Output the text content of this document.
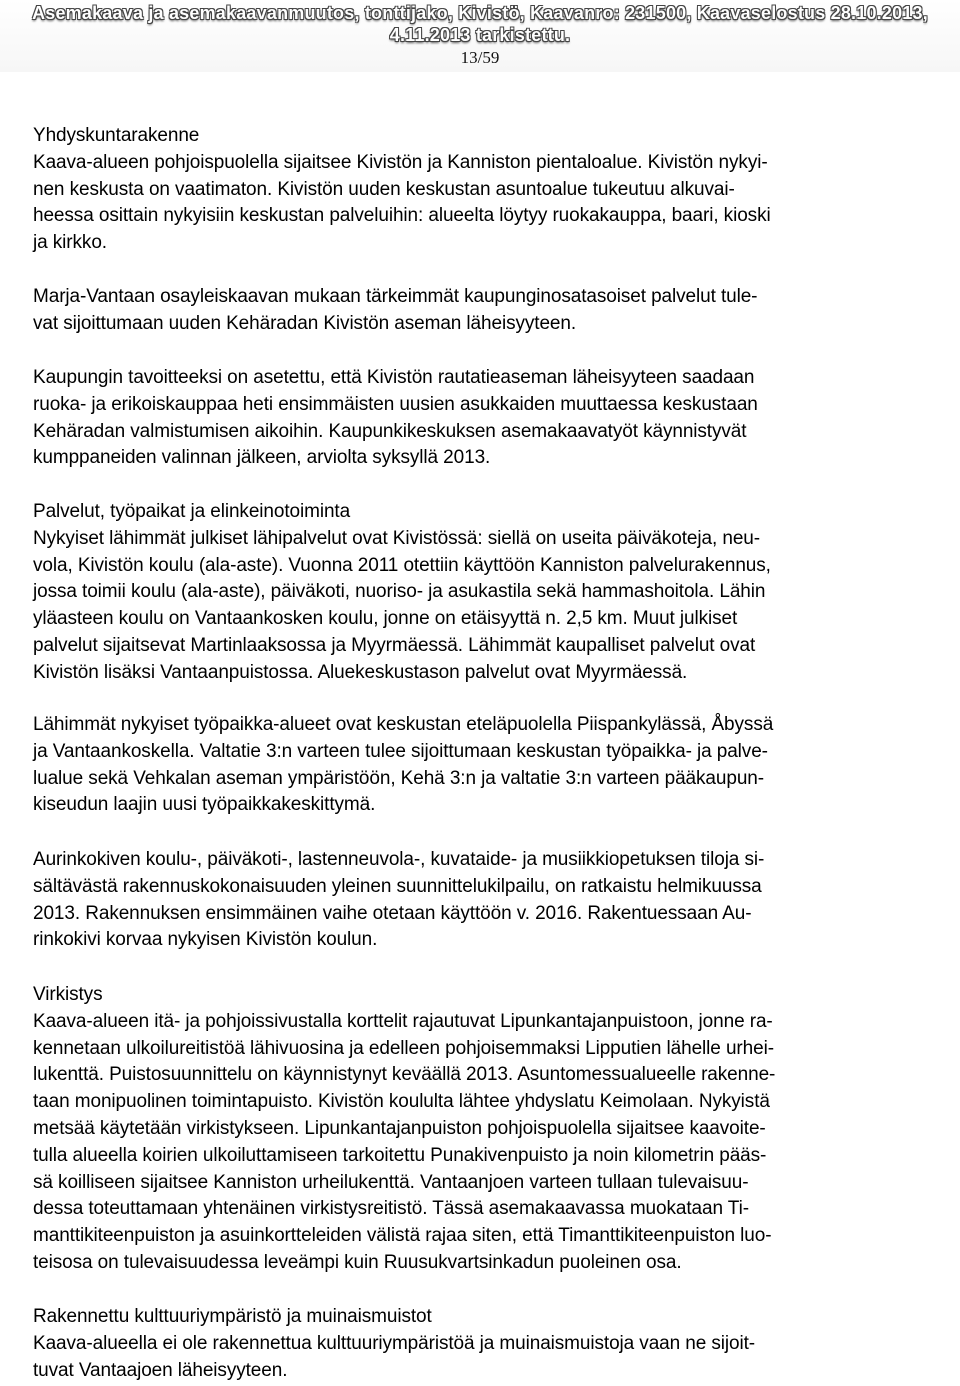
Asemakaava ja asemakaavanmuutos, tonttijako, Kivistö, Kaavanro: 231500, Kaavaselostus 28.10.2013,
4.11.2013 tarkistettu.
13/59
Yhdyskuntarakenne
Kaava-alueen pohjoispuolella sijaitsee Kivistön ja Kanniston pientaloalue. Kivistön nykyi-
nen keskusta on vaatimaton. Kivistön uuden keskustan asuntoalue tukeutuu alkuvai-
heessa osittain nykyisiin keskustan palveluihin: alueelta löytyy ruokakauppa, baari, kioski
ja kirkko.
Marja-Vantaan osayleiskaavan mukaan tärkeimmät kaupunginosatasoiset palvelut tule-
vat sijoittumaan uuden Kehäradan Kivistön aseman läheisyyteen.
Kaupungin tavoitteeksi on asetettu, että Kivistön rautatieaseman läheisyyteen saadaan
ruoka- ja erikoiskauppaa heti ensimmäisten uusien asukkaiden muuttaessa keskustaan
Kehäradan valmistumisen aikoihin. Kaupunkikeskuksen asemakaavatyöt käynnistyvät
kumppaneiden valinnan jälkeen, arviolta syksyllä 2013.
Palvelut, työpaikat ja elinkeinotoiminta
Nykyiset lähimmät julkiset lähipalvelut ovat Kivistössä: siellä on useita päiväkoteja, neu-
vola, Kivistön koulu (ala-aste). Vuonna 2011 otettiin käyttöön Kanniston palvelurakennus,
jossa toimii koulu (ala-aste), päiväkoti, nuoriso- ja asukastila sekä hammashoitola. Lähin
yläasteen koulu on Vantaankosken koulu, jonne on etäisyyttä n. 2,5 km. Muut julkiset
palvelut sijaitsevat Martinlaaksossa ja Myyrmäessä. Lähimmät kaupalliset palvelut ovat
Kivistön lisäksi Vantaanpuistossa. Aluekeskustason palvelut ovat Myyrmäessä.
Lähimmät nykyiset työpaikka-alueet ovat keskustan eteläpuolella Piispankylässä, Åbyssä
ja Vantaankoskella. Valtatie 3:n varteen tulee sijoittumaan keskustan työpaikka- ja palve-
lualue sekä Vehkalan aseman ympäristöön, Kehä 3:n ja valtatie 3:n varteen pääkaupun-
kiseudun laajin uusi työpaikkakeskittymä.
Aurinkokiven koulu-, päiväkoti-, lastenneuvola-, kuvataide- ja musiikkiopetuksen tiloja si-
sältävästä rakennuskokonaisuuden yleinen suunnittelukilpailu, on ratkaistu helmikuussa
2013. Rakennuksen ensimmäinen vaihe otetaan käyttöön v. 2016. Rakentuessaan Au-
rinkokivi korvaa nykyisen Kivistön koulun.
Virkistys
Kaava-alueen itä- ja pohjoissivustalla korttelit rajautuvat Lipunkantajanpuistoon, jonne ra-
kennetaan ulkoilureitistöä lähivuosina ja edelleen pohjoisemmaksi Lipputien lähelle urhei-
lukenttä. Puistosuunnittelu on käynnistynyt keväällä 2013. Asuntomessualueelle rakenne-
taan monipuolinen toimintapuisto. Kivistön koululta lähtee yhdyslatu Keimolaan. Nykyistä
metsää käytetään virkistykseen. Lipunkantajanpuiston pohjoispuolella sijaitsee kaavoite-
tulla alueella koirien ulkoiluttamiseen tarkoitettu Punakivenpuisto ja noin kilometrin pääs-
sä koilliseen sijaitsee Kanniston urheilukenttä. Vantaanjoen varteen tullaan tulevaisuu-
dessa toteuttamaan yhtenäinen virkistysreitistö. Tässä asemakaavassa muokataan Ti-
manttikiteenpuiston ja asuinkortteleiden välistä rajaa siten, että Timanttikiteenpuiston luo-
teisosa on tulevaisuudessa leveämpi kuin Ruusukvartsinkadun puoleinen osa.
Rakennettu kulttuuriympäristö ja muinaismuistot
Kaava-alueella ei ole rakennettua kulttuuriympäristöä ja muinaismuistoja vaan ne sijoit-
tuvat Vantaajoen läheisyyteen.
